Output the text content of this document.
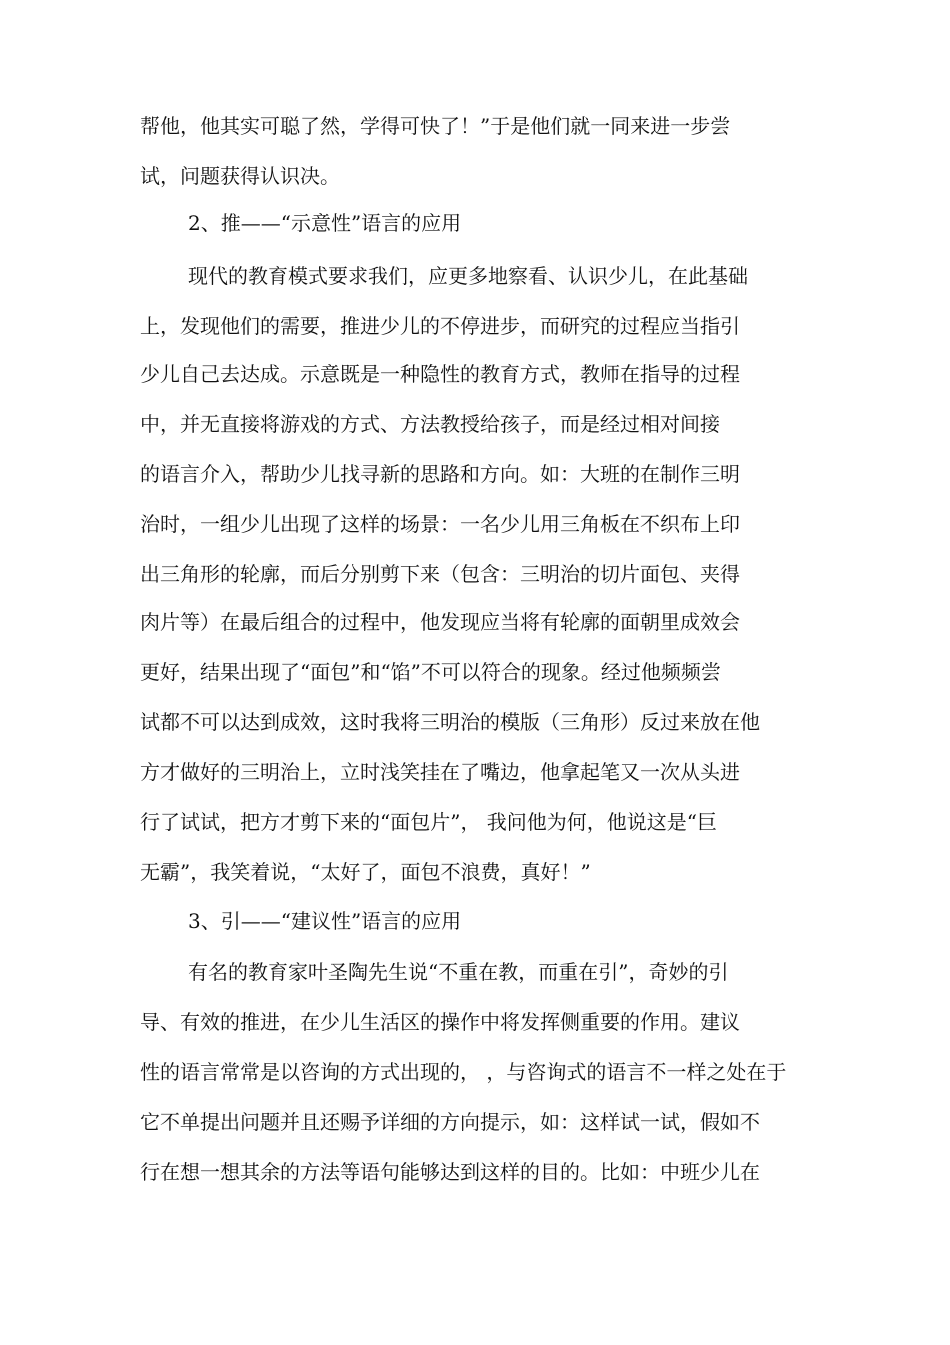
帮他，他其实可聪了然，学得可快了！”于是他们就一同来进一步尝

试，问题获得认识决。

2、推——“示意性”语言的应用

现代的教育模式要求我们，应更多地察看、认识少儿，在此基础

上，发现他们的需要，推进少儿的不停进步，而研究的过程应当指引

少儿自己去达成。示意既是一种隐性的教育方式，教师在指导的过程

中，并无直接将游戏的方式、方法教授给孩子，而是经过相对间接

的语言介入，帮助少儿找寻新的思路和方向。如：大班的在制作三明

治时，一组少儿出现了这样的场景：一名少儿用三角板在不织布上印

出三角形的轮廓，而后分别剪下来（包含：三明治的切片面包、夹得

肉片等）在最后组合的过程中，他发现应当将有轮廓的面朝里成效会

更好，结果出现了“面包”和“馅”不可以符合的现象。经过他频频尝

试都不可以达到成效，这时我将三明治的模版（三角形）反过来放在他

方才做好的三明治上，立时浅笑挂在了嘴边，他拿起笔又一次从头进

行了试试，把方才剪下来的“面包片”， 我问他为何，他说这是“巨

无霸”，我笑着说，“太好了，面包不浪费，真好！”

3、引——“建议性”语言的应用

有名的教育家叶圣陶先生说“不重在教，而重在引”，奇妙的引

导、有效的推进，在少儿生活区的操作中将发挥侧重要的作用。建议

性的语言常常是以咨询的方式出现的， ，与咨询式的语言不一样之处在于

它不单提出问题并且还赐予详细的方向提示，如：这样试一试，假如不

行在想一想其余的方法等语句能够达到这样的目的。比如：中班少儿在
